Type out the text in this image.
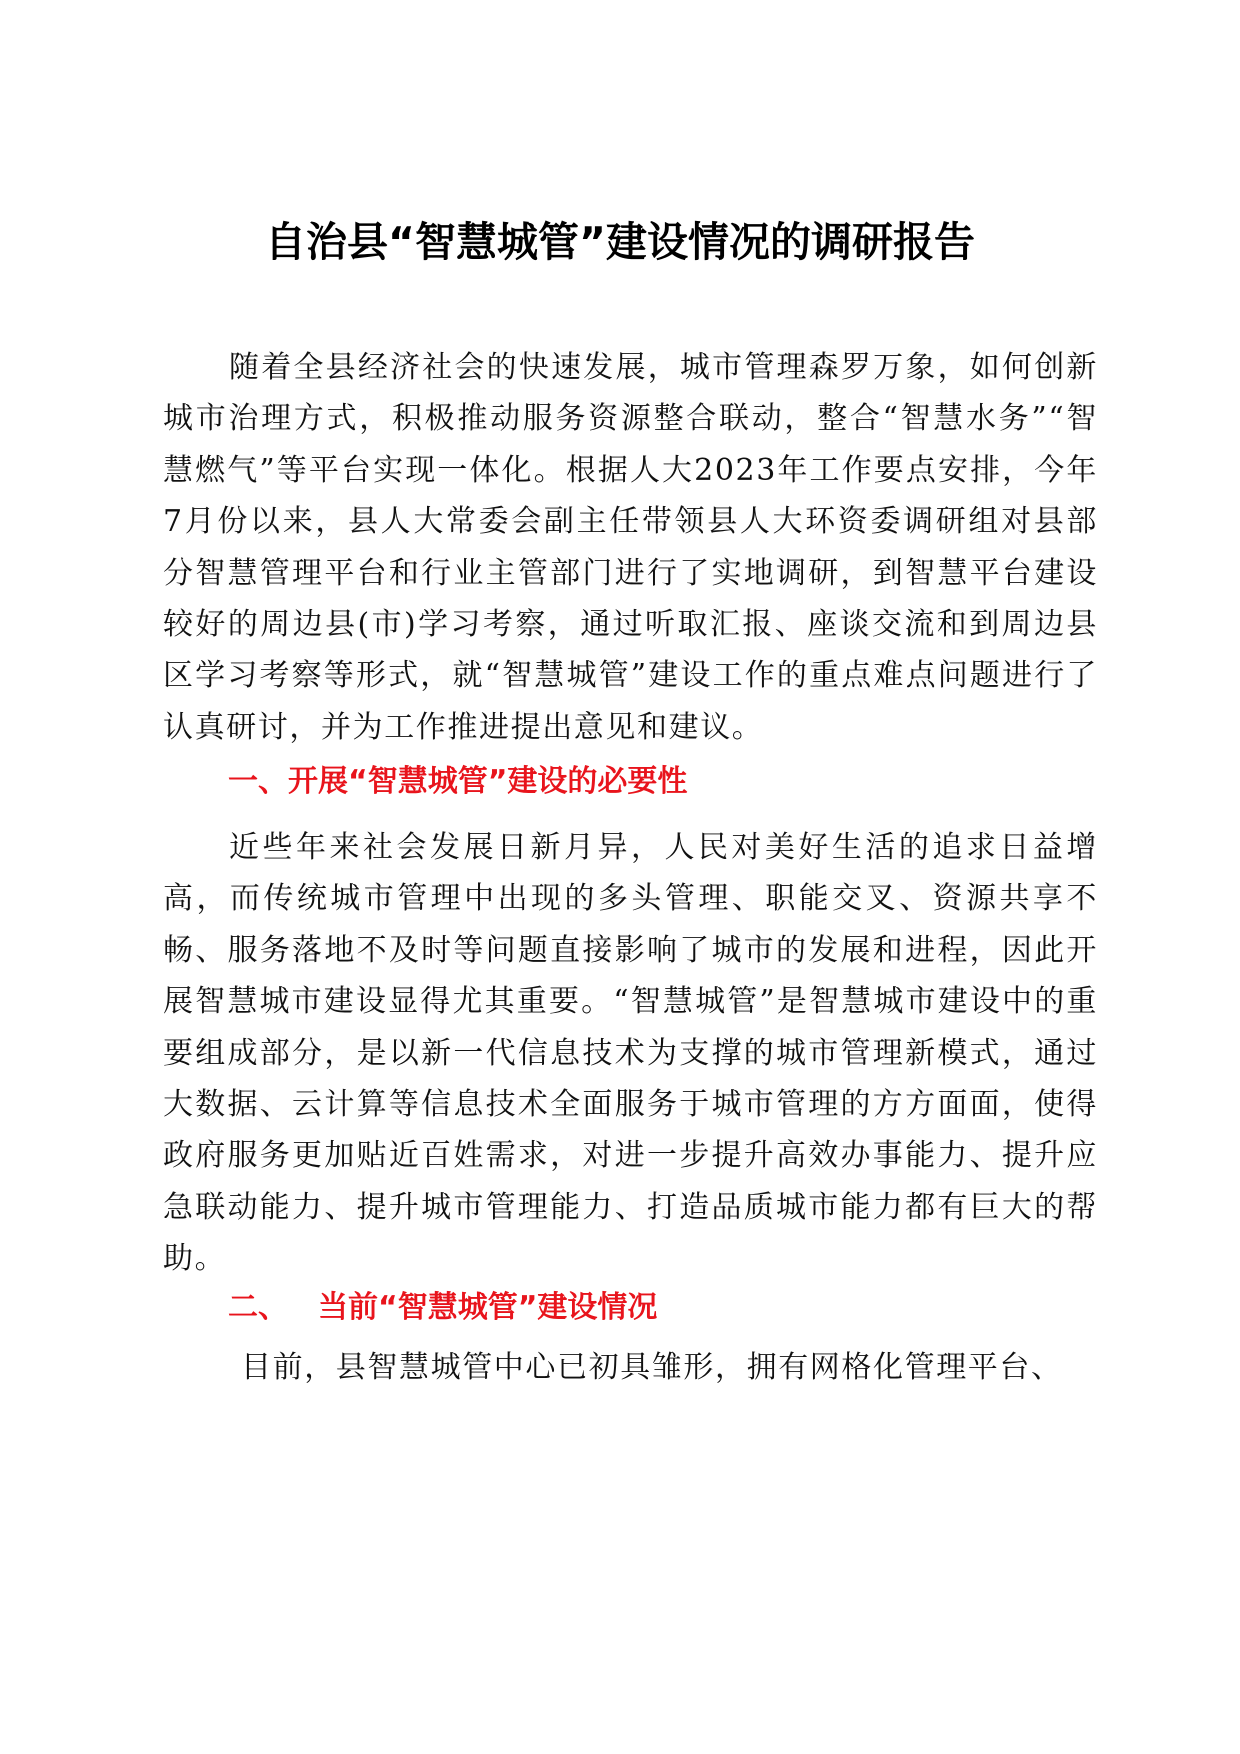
自治县“智慧城管”建设情况的调研报告

随着全县经济社会的快速发展，城市管理森罗万象，如何创新城市治理方式，积极推动服务资源整合联动，整合“智慧水务”“智慧燃气”等平台实现一体化。根据人大2023年工作要点安排，今年7月份以来，县人大常委会副主任带领县人大环资委调研组对县部分智慧管理平台和行业主管部门进行了实地调研，到智慧平台建设较好的周边县(市)学习考察，通过听取汇报、座谈交流和到周边县区学习考察等形式，就“智慧城管”建设工作的重点难点问题进行了认真研讨，并为工作推进提出意见和建议。

一、开展“智慧城管”建设的必要性

近些年来社会发展日新月异，人民对美好生活的追求日益增高，而传统城市管理中出现的多头管理、职能交叉、资源共享不畅、服务落地不及时等问题直接影响了城市的发展和进程，因此开展智慧城市建设显得尤其重要。“智慧城管”是智慧城市建设中的重要组成部分，是以新一代信息技术为支撑的城市管理新模式，通过大数据、云计算等信息技术全面服务于城市管理的方方面面，使得政府服务更加贴近百姓需求，对进一步提升高效办事能力、提升应急联动能力、提升城市管理能力、打造品质城市能力都有巨大的帮助。

二、 当前“智慧城管”建设情况

目前，县智慧城管中心已初具雏形，拥有网格化管理平台、
